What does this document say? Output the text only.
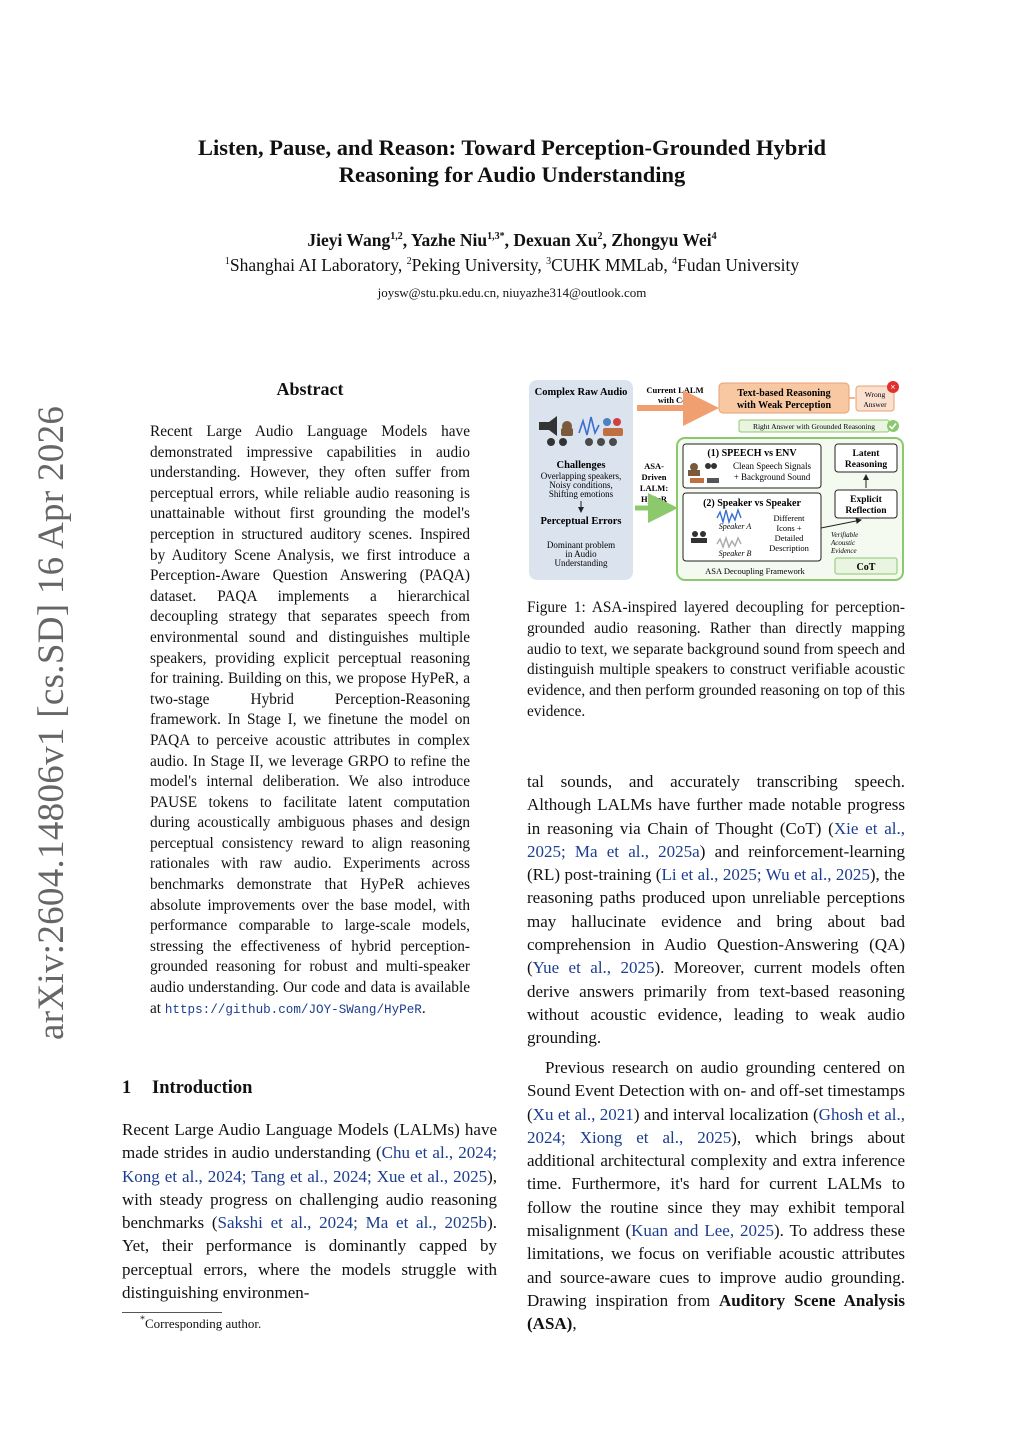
arXiv:2604.14806v1 [cs.SD] 16 Apr 2026
Listen, Pause, and Reason: Toward Perception-Grounded Hybrid
Reasoning for Audio Understanding
Jieyi Wang$^{1,2}$, Yazhe Niu$^{1,3*}$, Dexuan Xu$^2$, Zhongyu Wei$^4$
$^1$Shanghai AI Laboratory, $^2$Peking University, $^3$CUHK MMLab, $^4$Fudan University
joysw@stu.pku.edu.cn, niuyazhe314@outlook.com
Abstract
Recent Large Audio Language Models have demonstrated impressive capabilities in audio understanding. However, they often suffer from perceptual errors, while reliable audio reasoning is unattainable without first grounding the model's perception in structured auditory scenes. Inspired by Auditory Scene Analysis, we first introduce a Perception-Aware Question Answering (PAQA) dataset. PAQA implements a hierarchical decoupling strategy that separates speech from environmental sound and distinguishes multiple speakers, providing explicit perceptual reasoning for training. Building on this, we propose HyPeR, a two-stage Hybrid Perception-Reasoning framework. In Stage I, we finetune the model on PAQA to perceive acoustic attributes in complex audio. In Stage II, we leverage GRPO to refine the model's internal deliberation. We also introduce PAUSE tokens to facilitate latent computation during acoustically ambiguous phases and design perceptual consistency reward to align reasoning rationales with raw audio. Experiments across benchmarks demonstrate that HyPeR achieves absolute improvements over the base model, with performance comparable to large-scale models, stressing the effectiveness of hybrid perception-grounded reasoning for robust and multi-speaker audio understanding. Our code and data is available at https://github.com/JOY-SWang/HyPeR.
1 Introduction
Recent Large Audio Language Models (LALMs) have made strides in audio understanding (Chu et al., 2024; Kong et al., 2024; Tang et al., 2024; Xue et al., 2025), with steady progress on challenging audio reasoning benchmarks (Sakshi et al., 2024; Ma et al., 2025b). Yet, their performance is dominantly capped by perceptual errors, where the models struggle with distinguishing environmen-
*Corresponding author.
Complex Raw Audio
Challenges
Overlapping speakers,
Noisy conditions,
Shifting emotions
Perceptual Errors
Dominant problem
in Audio
Understanding
Current LALM
with CoT
Text-based Reasoning
with Weak Perception
Wrong
Answer
×
Right Answer with Grounded Reasoning
ASA-
Driven
LALM:
HyPeR
(1) SPEECH vs ENV
Clean Speech Signals
+ Background Sound
(2) Speaker vs Speaker
Speaker A
Speaker B
Different
Icons +
Detailed
Description
Latent
Reasoning
Explicit
Reflection
Verifiable
Acoustic
Evidence
CoT
ASA Decoupling Framework
Figure 1: ASA-inspired layered decoupling for perception-grounded audio reasoning. Rather than directly mapping audio to text, we separate background sound from speech and distinguish multiple speakers to construct verifiable acoustic evidence, and then perform grounded reasoning on top of this evidence.
tal sounds, and accurately transcribing speech. Although LALMs have further made notable progress in reasoning via Chain of Thought (CoT) (Xie et al., 2025; Ma et al., 2025a) and reinforcement-learning (RL) post-training (Li et al., 2025; Wu et al., 2025), the reasoning paths produced upon unreliable perceptions may hallucinate evidence and bring about bad comprehension in Audio Question-Answering (QA) (Yue et al., 2025). Moreover, current models often derive answers primarily from text-based reasoning without acoustic evidence, leading to weak audio grounding.
Previous research on audio grounding centered on Sound Event Detection with on- and off-set timestamps (Xu et al., 2021) and interval localization (Ghosh et al., 2024; Xiong et al., 2025), which brings about additional architectural complexity and extra inference time. Furthermore, it's hard for current LALMs to follow the routine since they may exhibit temporal misalignment (Kuan and Lee, 2025). To address these limitations, we focus on verifiable acoustic attributes and source-aware cues to improve audio grounding. Drawing inspiration from Auditory Scene Analysis (ASA),
